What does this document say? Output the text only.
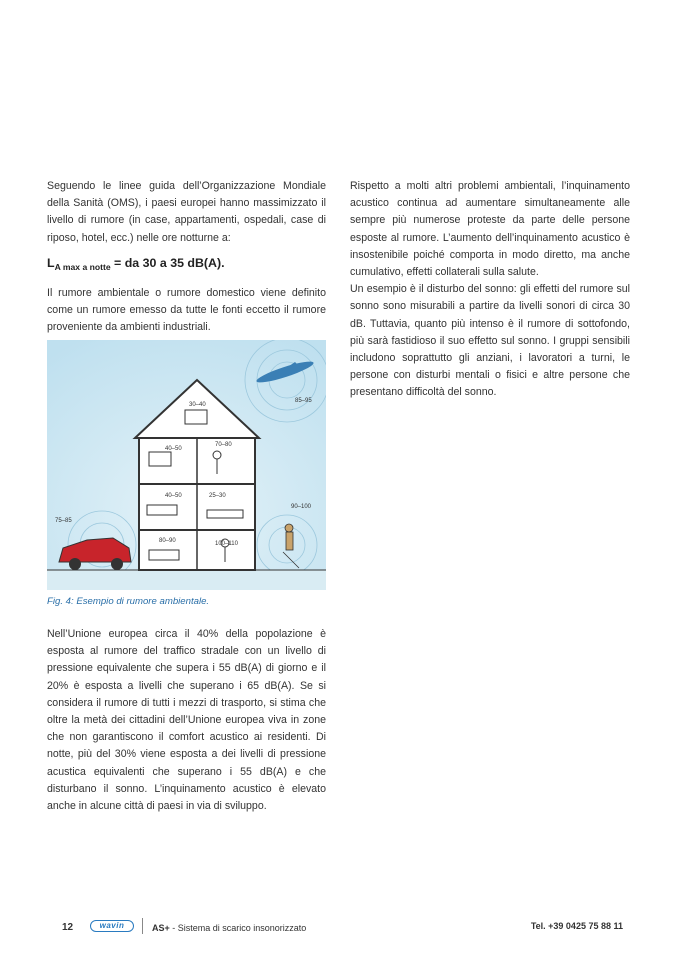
Seguendo le linee guida dell’Organizzazione Mondiale della Sanità (OMS), i paesi europei hanno massimizzato il livello di rumore (in case, appartamenti, ospedali, case di riposo, hotel, ecc.) nelle ore notturne a:

$L_{A max a notte}$ = da 30 a 35 dB(A).

Il rumore ambientale o rumore domestico viene definito come un rumore emesso da tutte le fonti eccetto il rumore proveniente da ambienti industriali.

30–40
85–95
40–50
70–80
40–50	25–30
90–100
75–85
80–90	100–110
Fig. 4: Esempio di rumore ambientale.

Nell’Unione europea circa il 40% della popolazione è esposta al rumore del traffico stradale con un livello di pressione equivalente che supera i 55 dB(A) di giorno e il 20% è esposta a livelli che superano i 65 dB(A). Se si considera il rumore di tutti i mezzi di trasporto, si stima che oltre la metà dei cittadini dell’Unione europea viva in zone che non garantiscono il comfort acustico ai residenti. Di notte, più del 30% viene esposta a dei livelli di pressione acustica equivalenti che superano i 55 dB(A) e che disturbano il sonno. L’inquinamento acustico è elevato anche in alcune città di paesi in via di sviluppo.

Rispetto a molti altri problemi ambientali, l’inquinamento acustico continua ad aumentare simultaneamente alle sempre più numerose proteste da parte delle persone esposte al rumore. L’aumento dell’inquinamento acustico è insostenibile poiché comporta in modo diretto, ma anche cumulativo, effetti collaterali sulla salute.

Un esempio è il disturbo del sonno: gli effetti del rumore sul sonno sono misurabili a partire da livelli sonori di circa 30 dB. Tuttavia, quanto più intenso è il rumore di sottofondo, più sarà fastidioso il suo effetto sul sonno. I gruppi sensibili includono soprattutto gli anziani, i lavoratori a turni, le persone con disturbi mentali o fisici e altre persone che presentano difficoltà del sonno.

12	wavin	AS+ - Sistema di scarico insonorizzato	Tel. +39 0425 75 88 11
